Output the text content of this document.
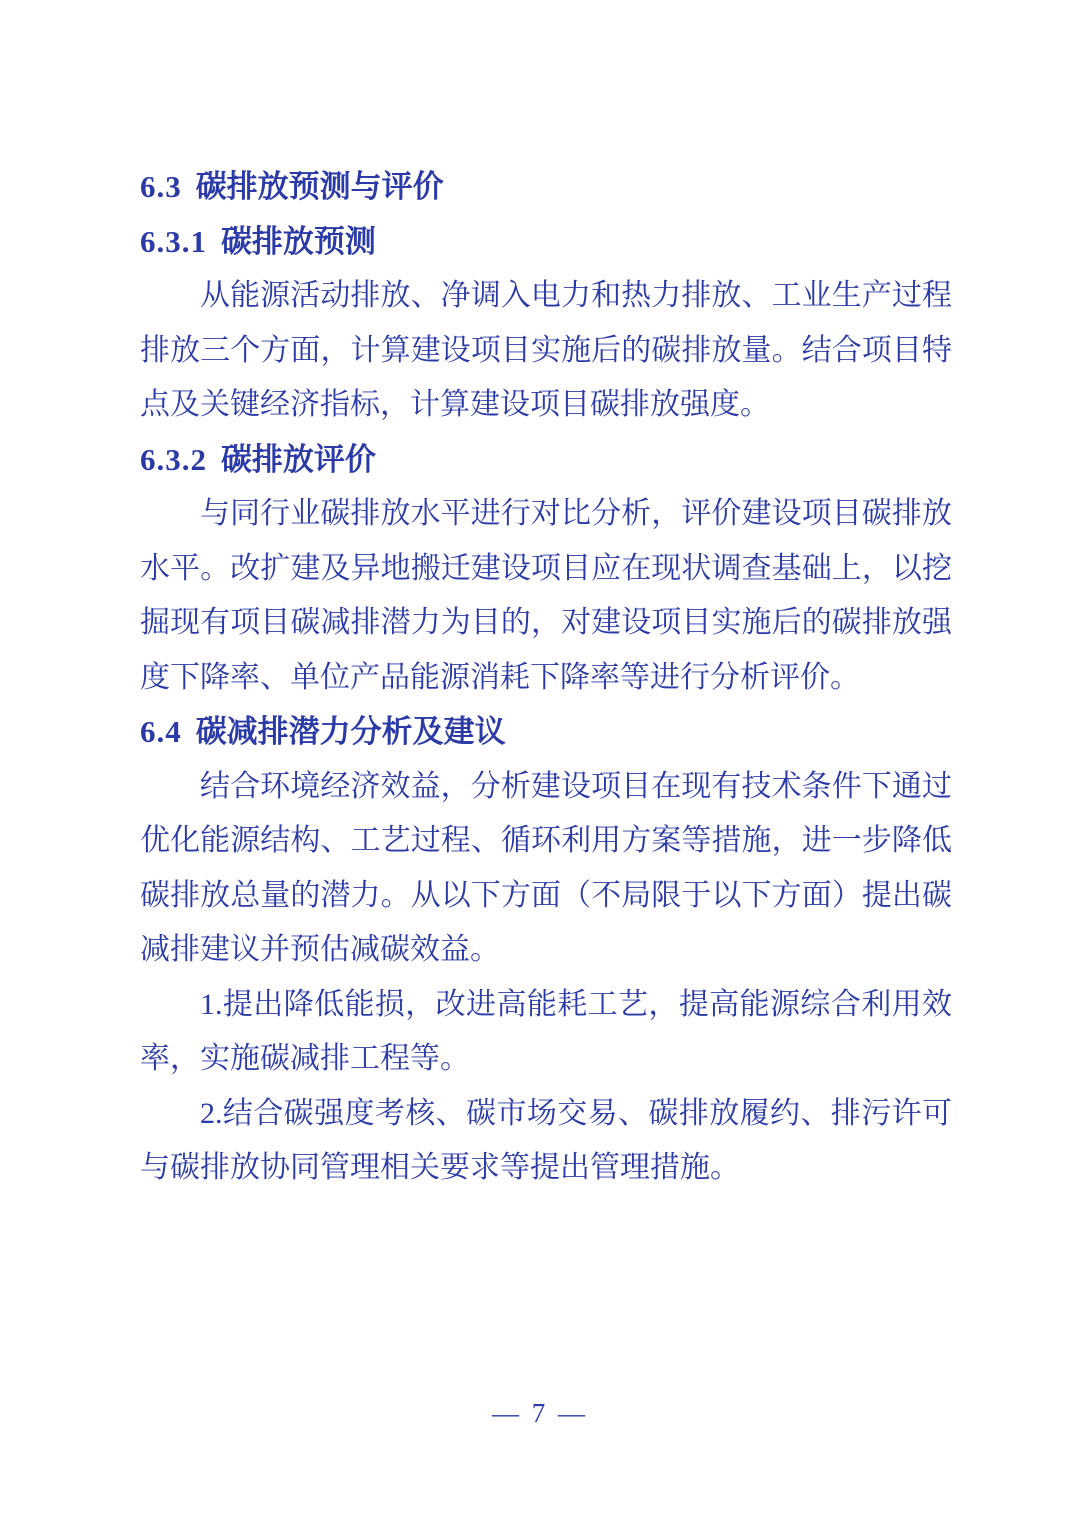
6.3 碳排放预测与评价
6.3.1 碳排放预测

从能源活动排放、净调入电力和热力排放、工业生产过程排放三个方面，计算建设项目实施后的碳排放量。结合项目特点及关键经济指标，计算建设项目碳排放强度。

6.3.2 碳排放评价

与同行业碳排放水平进行对比分析，评价建设项目碳排放水平。改扩建及异地搬迁建设项目应在现状调查基础上，以挖掘现有项目碳减排潜力为目的，对建设项目实施后的碳排放强度下降率、单位产品能源消耗下降率等进行分析评价。

6.4 碳减排潜力分析及建议

结合环境经济效益，分析建设项目在现有技术条件下通过优化能源结构、工艺过程、循环利用方案等措施，进一步降低碳排放总量的潜力。从以下方面（不局限于以下方面）提出碳减排建议并预估减碳效益。

1.提出降低能损，改进高能耗工艺，提高能源综合利用效率，实施碳减排工程等。

2.结合碳强度考核、碳市场交易、碳排放履约、排污许可与碳排放协同管理相关要求等提出管理措施。

— 7 —
